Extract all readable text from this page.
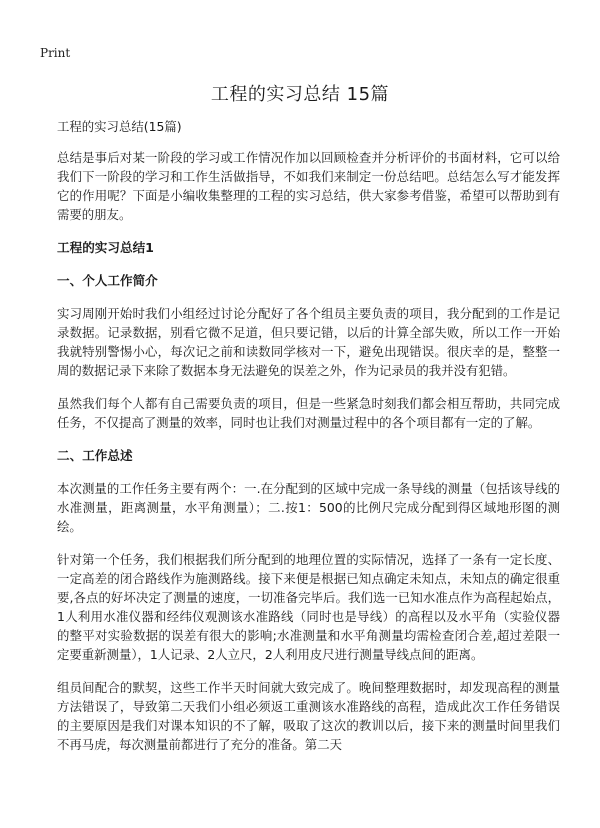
Print
工程的实习总结 15篇

工程的实习总结(15篇)

总结是事后对某一阶段的学习或工作情况作加以回顾检查并分析评价的书面材料，它可以给我们下一阶段的学习和工作生活做指导，不如我们来制定一份总结吧。总结怎么写才能发挥它的作用呢？下面是小编收集整理的工程的实习总结，供大家参考借鉴，希望可以帮助到有需要的朋友。

工程的实习总结1
一、个人工作简介

实习周刚开始时我们小组经过讨论分配好了各个组员主要负责的项目，我分配到的工作是记录数据。记录数据，别看它微不足道，但只要记错，以后的计算全部失败，所以工作一开始我就特别警惕小心，每次记之前和读数同学核对一下，避免出现错误。很庆幸的是，整整一周的数据记录下来除了数据本身无法避免的误差之外，作为记录员的我并没有犯错。

虽然我们每个人都有自己需要负责的项目，但是一些紧急时刻我们都会相互帮助，共同完成任务，不仅提高了测量的效率，同时也让我们对测量过程中的各个项目都有一定的了解。

二、工作总述

本次测量的工作任务主要有两个：一.在分配到的区域中完成一条导线的测量（包括该导线的水准测量，距离测量，水平角测量）；二.按1：500的比例尺完成分配到得区域地形图的测绘。

针对第一个任务，我们根据我们所分配到的地理位置的实际情况，选择了一条有一定长度、一定高差的闭合路线作为施测路线。接下来便是根据已知点确定未知点，未知点的确定很重要,各点的好坏决定了测量的速度，一切准备完毕后。我们选一已知水准点作为高程起始点，1人利用水准仪器和经纬仪观测该水准路线（同时也是导线）的高程以及水平角（实验仪器的整平对实验数据的误差有很大的影响;水准测量和水平角测量均需检查闭合差,超过差限一定要重新测量），1人记录、2人立尺，2人利用皮尺进行测量导线点间的距离。

组员间配合的默契，这些工作半天时间就大致完成了。晚间整理数据时，却发现高程的测量方法错误了，导致第二天我们小组必须返工重测该水准路线的高程，造成此次工作任务错误的主要原因是我们对课本知识的不了解，吸取了这次的教训以后，接下来的测量时间里我们不再马虎，每次测量前都进行了充分的准备。第二天
